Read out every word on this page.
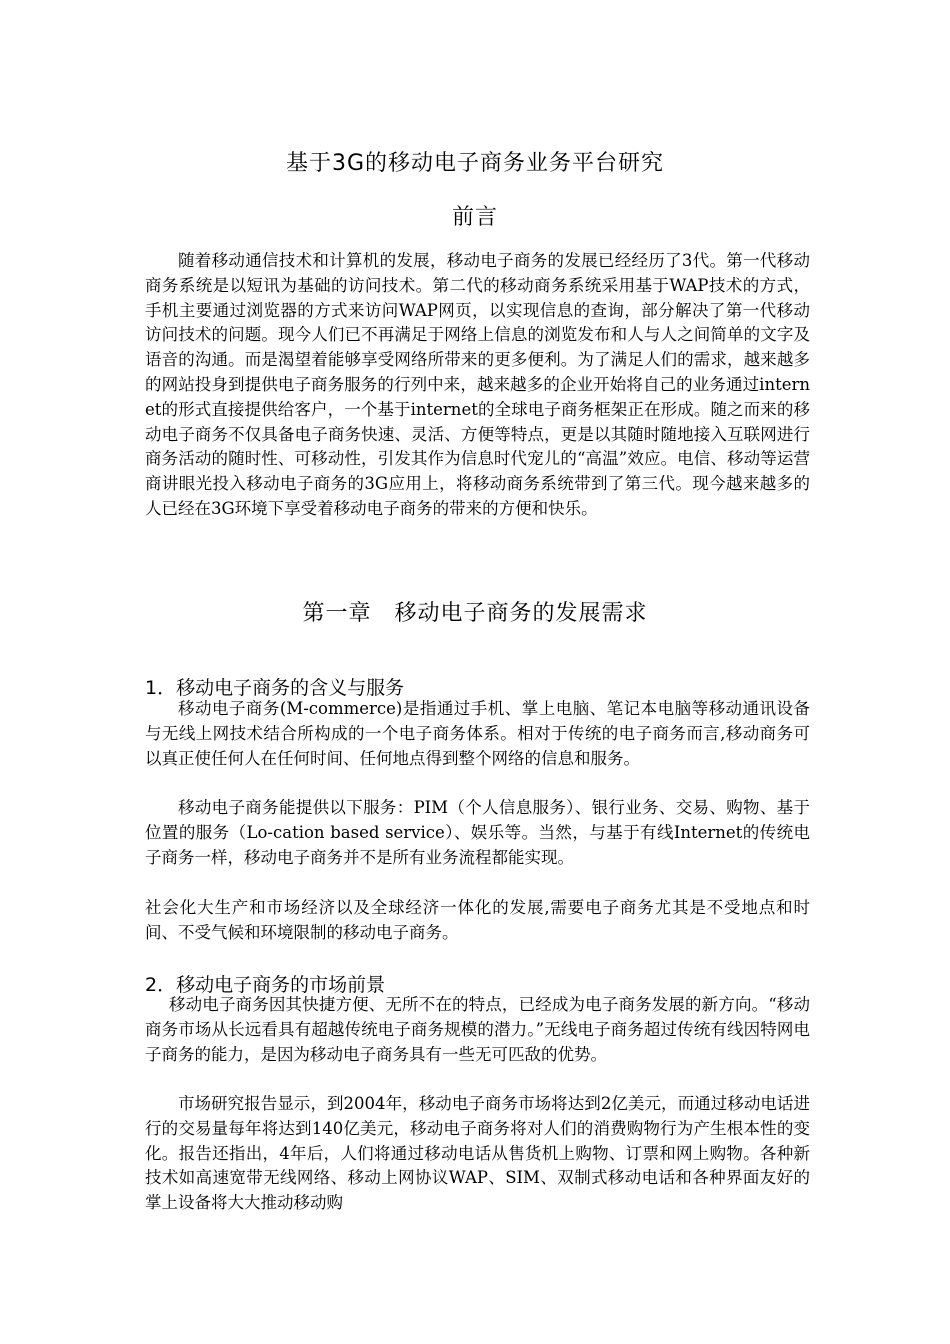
基于3G的移动电子商务业务平台研究
前言

随着移动通信技术和计算机的发展，移动电子商务的发展已经经历了3代。第一代移动商务系统是以短讯为基础的访问技术。第二代的移动商务系统采用基于WAP技术的方式，手机主要通过浏览器的方式来访问WAP网页，以实现信息的查询，部分解决了第一代移动访问技术的问题。现今人们已不再满足于网络上信息的浏览发布和人与人之间简单的文字及语音的沟通。而是渴望着能够享受网络所带来的更多便利。为了满足人们的需求，越来越多的网站投身到提供电子商务服务的行列中来，越来越多的企业开始将自己的业务通过internet的形式直接提供给客户，一个基于internet的全球电子商务框架正在形成。随之而来的移动电子商务不仅具备电子商务快速、灵活、方便等特点，更是以其随时随地接入互联网进行商务活动的随时性、可移动性，引发其作为信息时代宠儿的“高温”效应。电信、移动等运营商讲眼光投入移动电子商务的3G应用上，将移动商务系统带到了第三代。现今越来越多的人已经在3G环境下享受着移动电子商务的带来的方便和快乐。

第一章　移动电子商务的发展需求
1．移动电子商务的含义与服务

移动电子商务(M-commerce)是指通过手机、掌上电脑、笔记本电脑等移动通讯设备与无线上网技术结合所构成的一个电子商务体系。相对于传统的电子商务而言,移动商务可以真正使任何人在任何时间、任何地点得到整个网络的信息和服务。

移动电子商务能提供以下服务：PIM（个人信息服务）、银行业务、交易、购物、基于位置的服务（Lo-cation based service）、娱乐等。当然，与基于有线Internet的传统电子商务一样，移动电子商务并不是所有业务流程都能实现。

社会化大生产和市场经济以及全球经济一体化的发展,需要电子商务尤其是不受地点和时间、不受气候和环境限制的移动电子商务。

2．移动电子商务的市场前景

移动电子商务因其快捷方便、无所不在的特点，已经成为电子商务发展的新方向。“移动商务市场从长远看具有超越传统电子商务规模的潜力。”无线电子商务超过传统有线因特网电子商务的能力，是因为移动电子商务具有一些无可匹敌的优势。

市场研究报告显示，到2004年，移动电子商务市场将达到2亿美元，而通过移动电话进行的交易量每年将达到140亿美元，移动电子商务将对人们的消费购物行为产生根本性的变化。报告还指出，4年后，人们将通过移动电话从售货机上购物、订票和网上购物。各种新技术如高速宽带无线网络、移动上网协议WAP、SIM、双制式移动电话和各种界面友好的掌上设备将大大推动移动购
